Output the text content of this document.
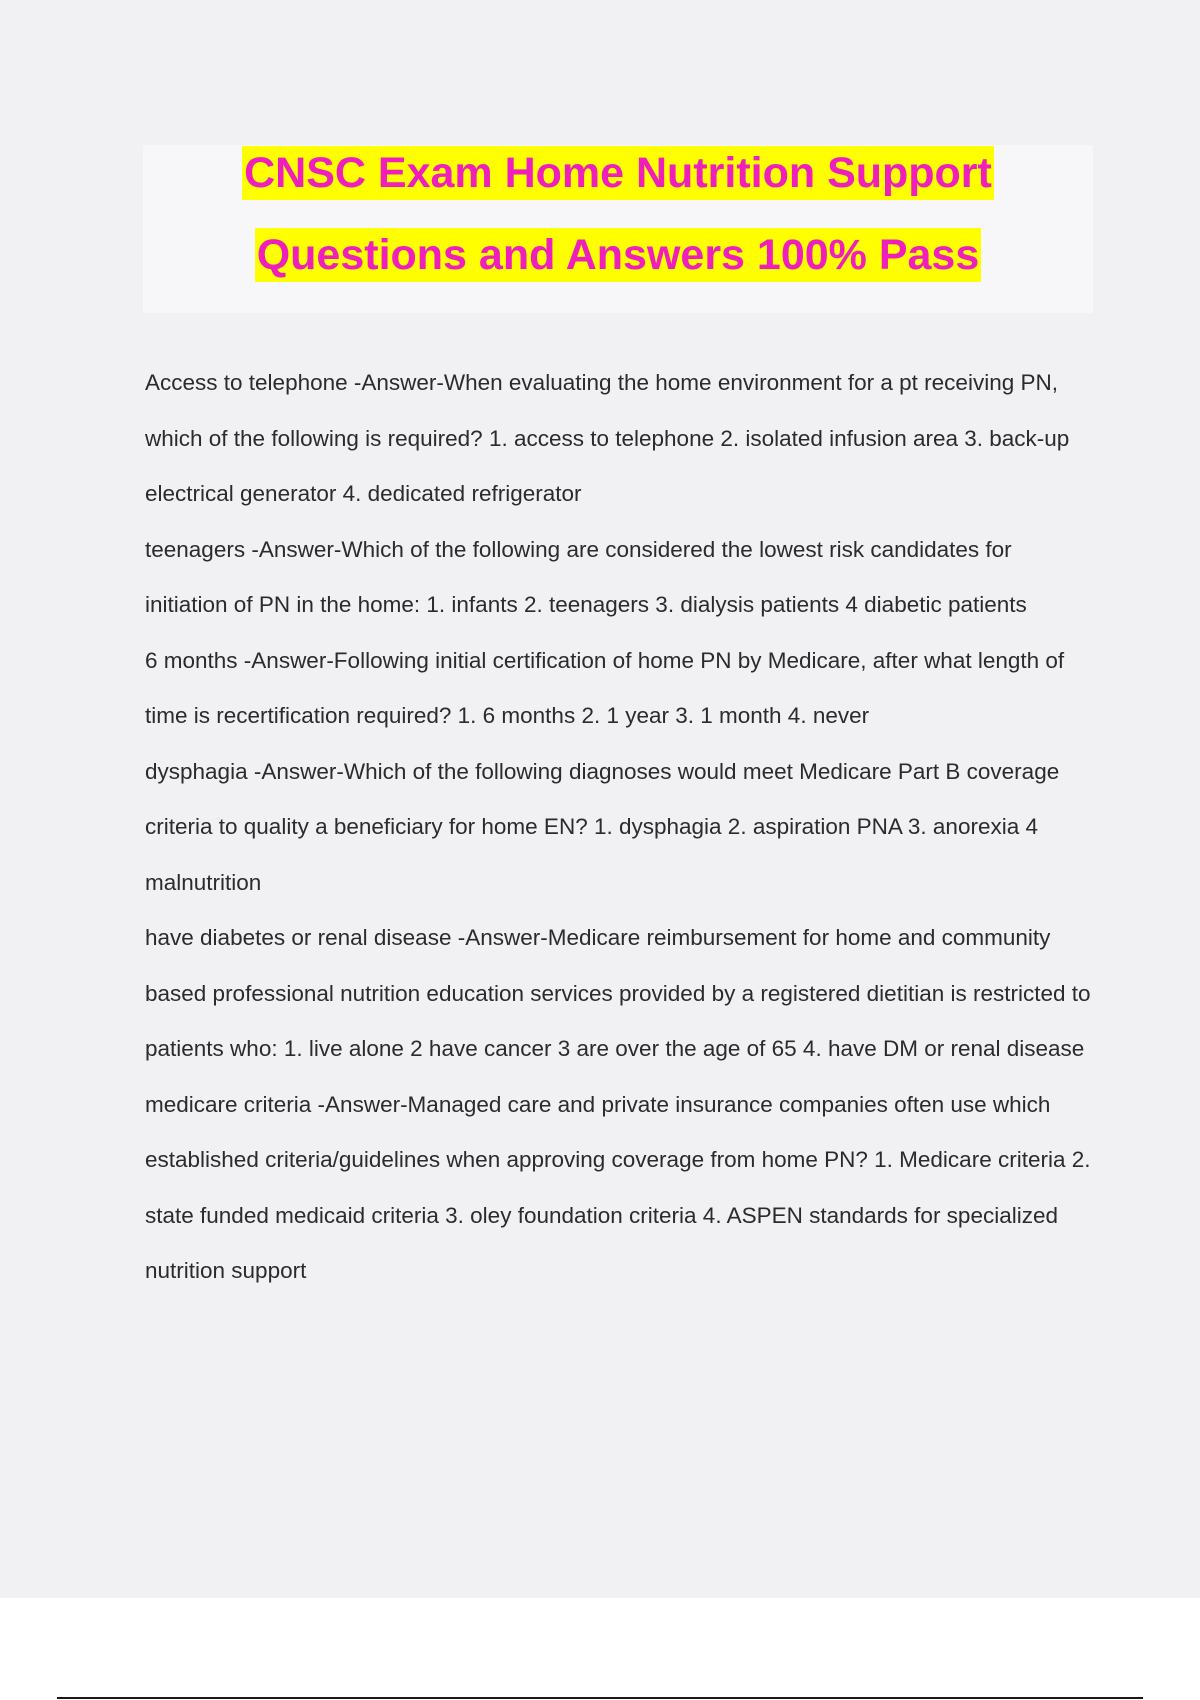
CNSC Exam Home Nutrition Support
Questions and Answers 100% Pass

Access to telephone -Answer-When evaluating the home environment for a pt receiving PN, which of the following is required? 1. access to telephone 2. isolated infusion area 3. back-up electrical generator 4. dedicated refrigerator

teenagers -Answer-Which of the following are considered the lowest risk candidates for initiation of PN in the home: 1. infants 2. teenagers 3. dialysis patients 4 diabetic patients

6 months -Answer-Following initial certification of home PN by Medicare, after what length of time is recertification required? 1. 6 months 2. 1 year 3. 1 month 4. never

dysphagia -Answer-Which of the following diagnoses would meet Medicare Part B coverage criteria to quality a beneficiary for home EN? 1. dysphagia 2. aspiration PNA 3. anorexia 4 malnutrition

have diabetes or renal disease -Answer-Medicare reimbursement for home and community based professional nutrition education services provided by a registered dietitian is restricted to patients who: 1. live alone 2 have cancer 3 are over the age of 65 4. have DM or renal disease

medicare criteria -Answer-Managed care and private insurance companies often use which established criteria/guidelines when approving coverage from home PN? 1. Medicare criteria 2. state funded medicaid criteria 3. oley foundation criteria 4. ASPEN standards for specialized nutrition support
